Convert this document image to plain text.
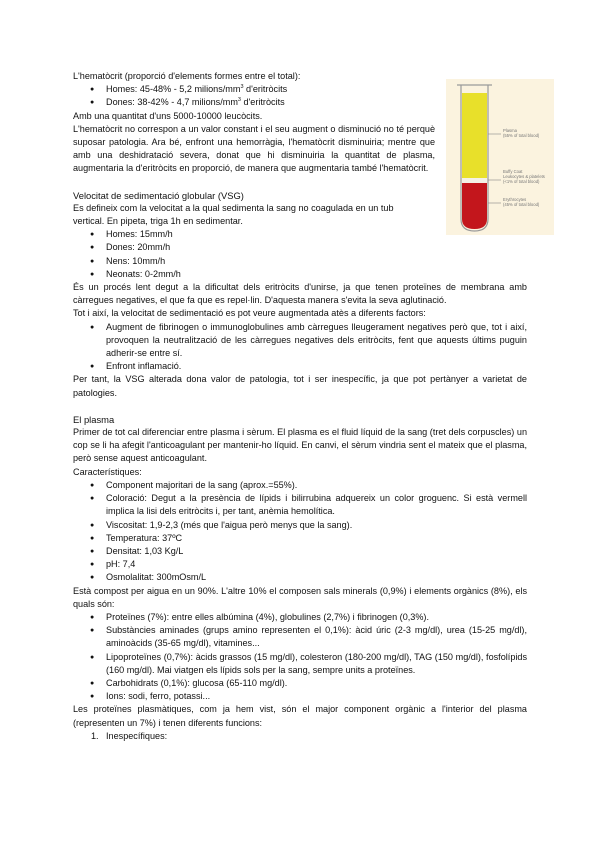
Plasma
(55% of total blood)
Buffy Coat
Leukocytes & platelets
(<1% of total blood)
Erythrocytes
(45% of total blood)

L'hematòcrit (proporció d'elements formes entre el total):

● Homes: 45-48% - 5,2 milions/$mm^3$ d'eritròcits
● Dones: 38-42% - 4,7 milions/$mm^3$ d'eritròcits

Amb una quantitat d'uns 5000-10000 leucòcits.

L'hematòcrit no correspon a un valor constant i el seu augment o disminució no té perquè suposar patologia. Ara bé, enfront una hemorràgia, l'hematòcrit disminuiria; mentre que amb una deshidratació severa, donat que hi disminuiria la quantitat de plasma, augmentaria la d'eritròcits en proporció, de manera que augmentaria també l'hematòcrit.

Velocitat de sedimentació globular (VSG)

Es defineix com la velocitat a la qual sedimenta la sang no coagulada en un tub

vertical. En pipeta, triga 1h en sedimentar.

● Homes: 15mm/h
● Dones: 20mm/h
● Nens: 10mm/h
● Neonats: 0-2mm/h

És un procés lent degut a la dificultat dels eritròcits d'unirse, ja que tenen proteïnes de membrana amb càrregues negatives, el que fa que es repel·lin. D'aquesta manera s'evita la seva aglutinació.

Tot i així, la velocitat de sedimentació es pot veure augmentada atès a diferents factors:

● Augment de fibrinogen o immunoglobulines amb càrregues lleugerament negatives però que, tot i així, provoquen la neutralització de les càrregues negatives dels eritròcits, fent que aquests últims puguin adherir-se entre sí.
● Enfront inflamació.

Per tant, la VSG alterada dona valor de patologia, tot i ser inespecífic, ja que pot pertànyer a varietat de patologies.

El plasma

Primer de tot cal diferenciar entre plasma i sèrum. El plasma es el fluid líquid de la sang (tret dels corpuscles) un cop se li ha afegit l'anticoagulant per mantenir-ho líquid. En canvi, el sèrum vindria sent el mateix que el plasma, però sense aquest anticoagulant.

Característiques:

● Component majoritari de la sang (aprox.=55%).
● Coloració: Degut a la presència de lípids i bilirrubina adquereix un color groguenc. Si està vermell implica la lisi dels eritròcits i, per tant, anèmia hemolítica.
● Viscositat: 1,9-2,3 (més que l'aigua però menys que la sang).
● Temperatura: 37ºC
● Densitat: 1,03 Kg/L
● pH: 7,4
● Osmolalitat: 300mOsm/L

Està compost per aigua en un 90%. L'altre 10% el composen sals minerals (0,9%) i elements orgànics (8%), els quals són:

● Proteïnes (7%): entre elles albúmina (4%), globulines (2,7%) i fibrinogen (0,3%).
● Substàncies aminades (grups amino representen el 0,1%): àcid úric (2-3 mg/dl), urea (15-25 mg/dl), aminoàcids (35-65 mg/dl), vitamines...
● Lipoproteïnes (0,7%): àcids grassos (15 mg/dl), colesteron (180-200 mg/dl), TAG (150 mg/dl), fosfolípids (160 mg/dl). Mai viatgen els lípids sols per la sang, sempre units a proteïnes.
● Carbohidrats (0,1%): glucosa (65-110 mg/dl).
● Ions: sodi, ferro, potassi...

Les proteïnes plasmàtiques, com ja hem vist, són el major component orgànic a l'interior del plasma (representen un 7%) i tenen diferents funcions:

1. Inespecífiques:
